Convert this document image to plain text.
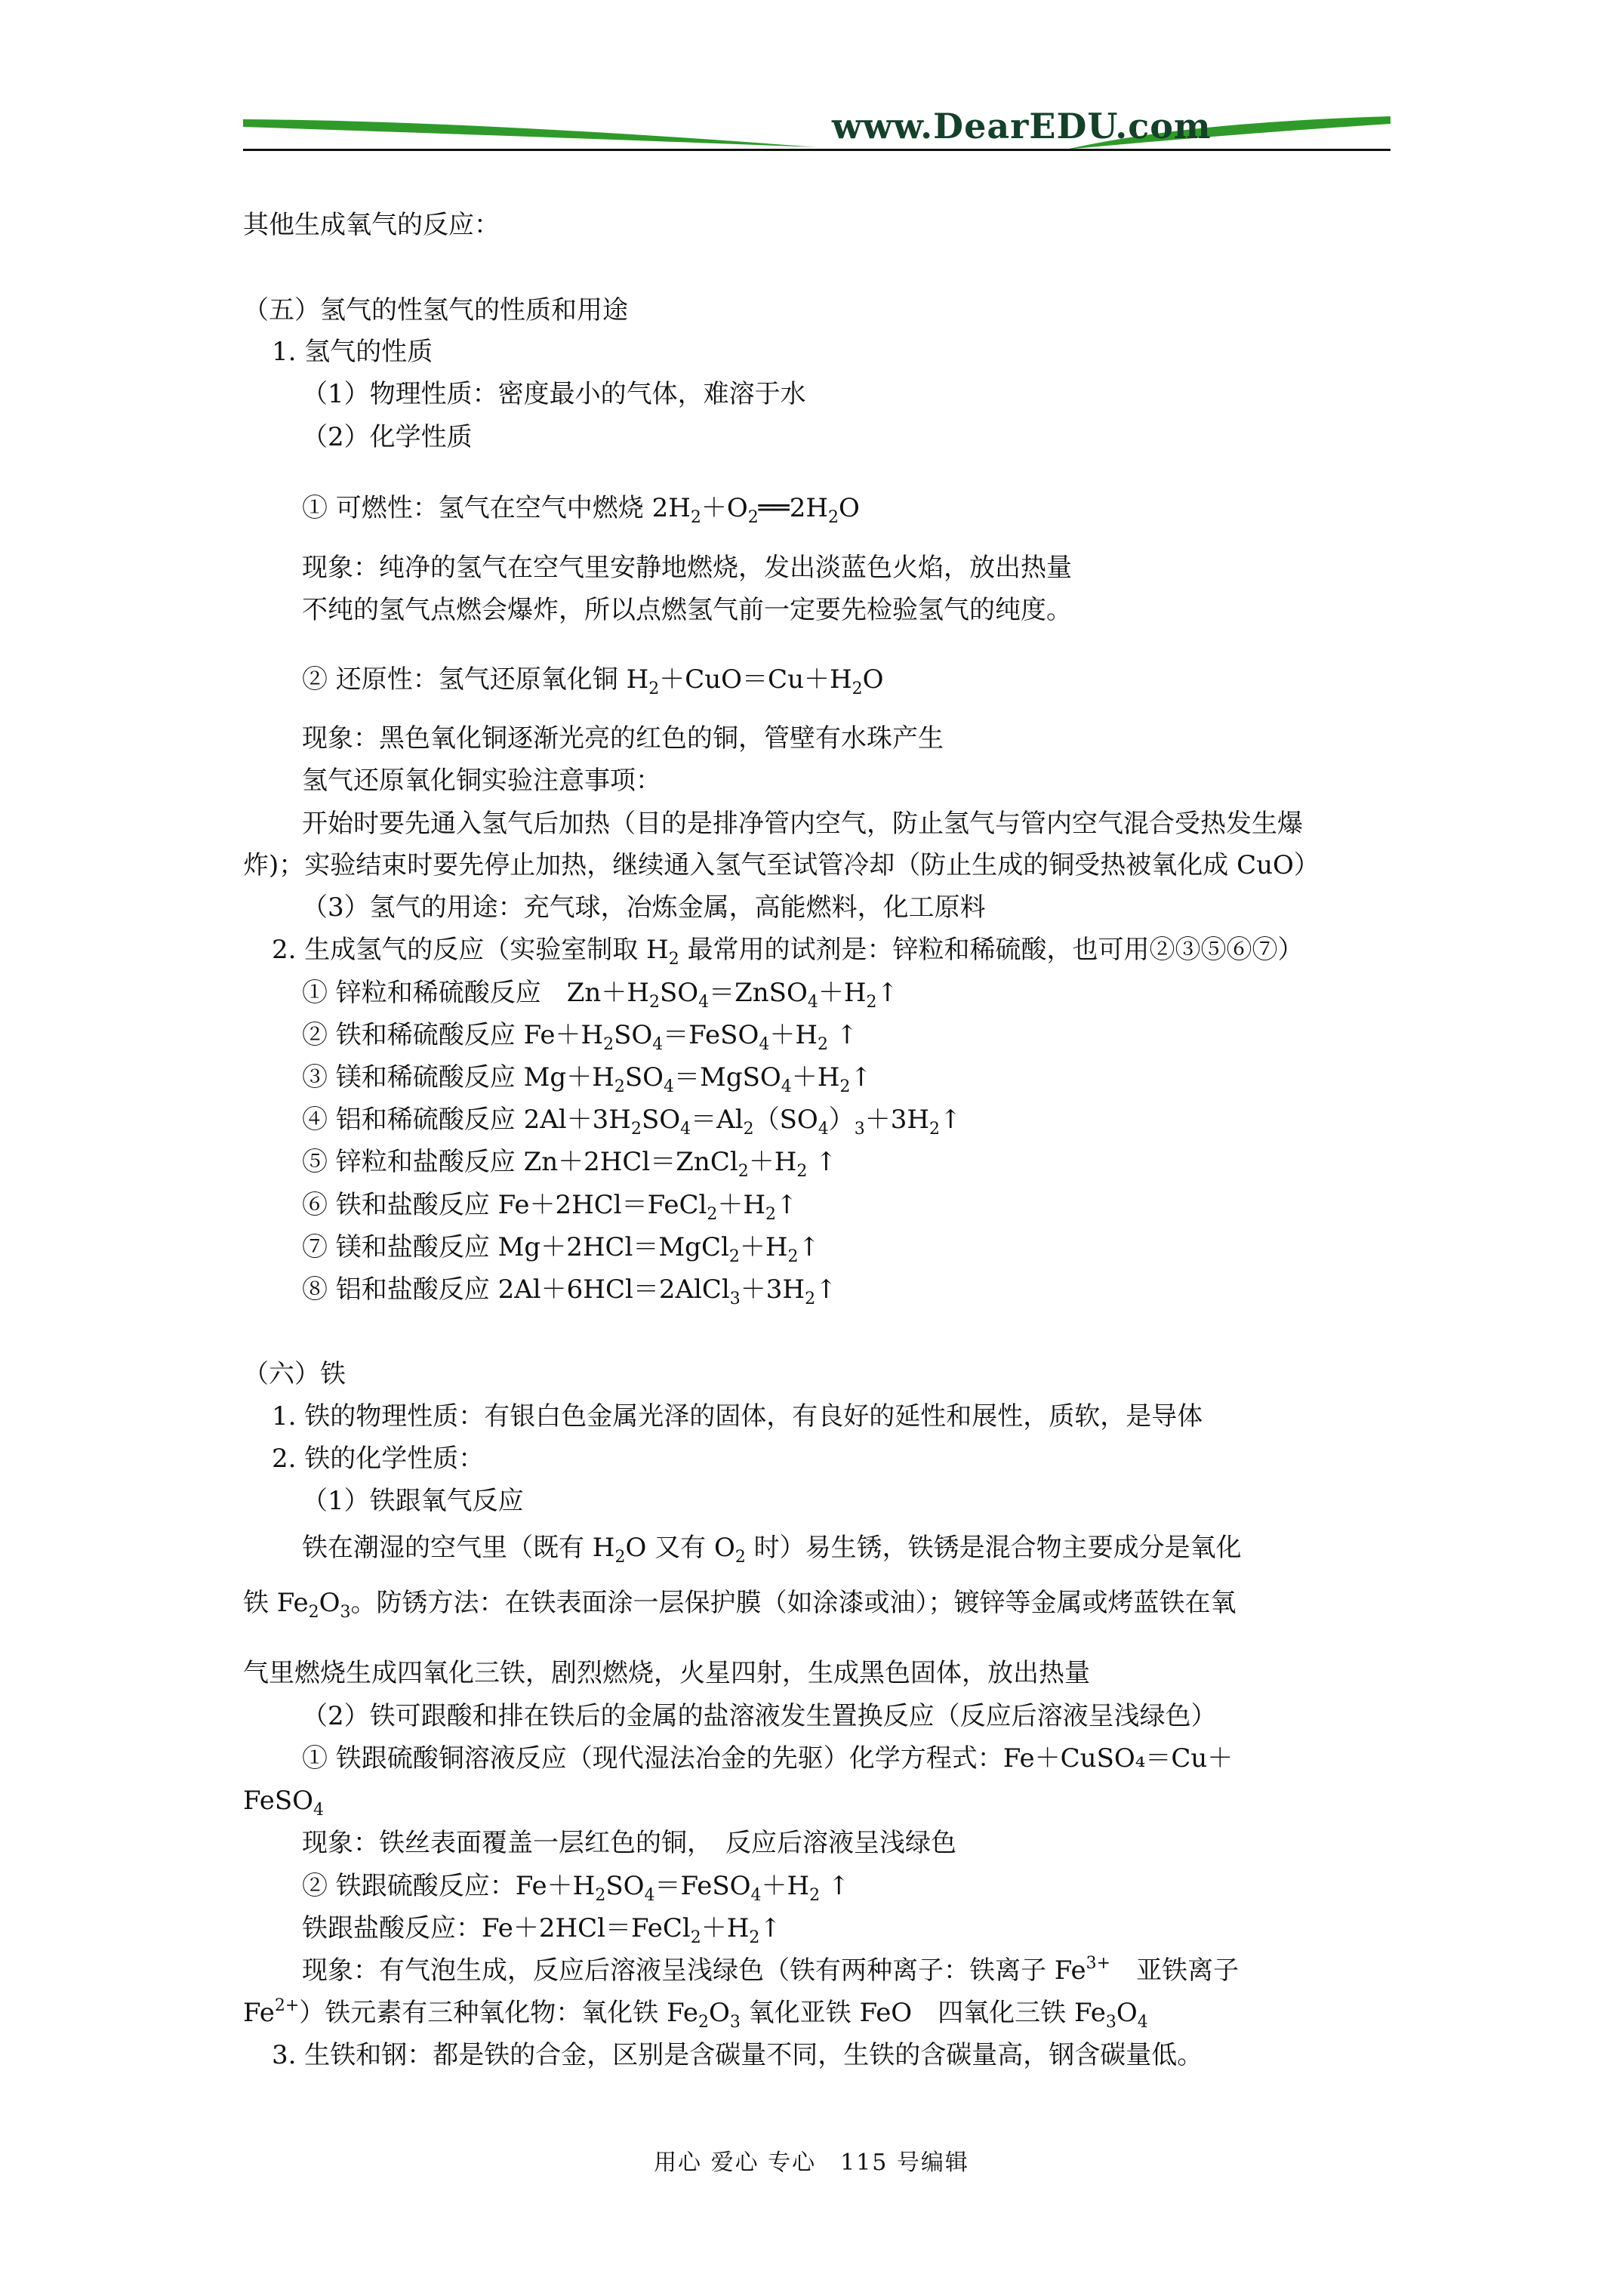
www.DearEDU.com
其他生成氧气的反应：
（五）氢气的性氢气的性质和用途
1. 氢气的性质
（1）物理性质：密度最小的气体，难溶于水
（2）化学性质
① 可燃性：氢气在空气中燃烧 $2H_2+O_2══2H_2O$
现象：纯净的氢气在空气里安静地燃烧，发出淡蓝色火焰，放出热量
不纯的氢气点燃会爆炸，所以点燃氢气前一定要先检验氢气的纯度。
② 还原性：氢气还原氧化铜 $H_2+CuO=Cu+H_2O$
现象：黑色氧化铜逐渐光亮的红色的铜，管壁有水珠产生
氢气还原氧化铜实验注意事项：
开始时要先通入氢气后加热（目的是排净管内空气，防止氢气与管内空气混合受热发生爆
炸)；实验结束时要先停止加热，继续通入氢气至试管冷却（防止生成的铜受热被氧化成 CuO）
（3）氢气的用途：充气球，冶炼金属，高能燃料，化工原料
2. 生成氢气的反应（实验室制取 $H_2$ 最常用的试剂是：锌粒和稀硫酸，也可用②③⑤⑥⑦）
① 锌粒和稀硫酸反应　$Zn+H_2SO_4=ZnSO_4+H_2↑$
② 铁和稀硫酸反应 $Fe+H_2SO_4=FeSO_4+H_2$ ↑
③ 镁和稀硫酸反应 $Mg+H_2SO_4=MgSO_4+H_2↑$
④ 铝和稀硫酸反应 $2Al+3H_2SO_4=Al_2(SO_4)_3+3H_2↑$
⑤ 锌粒和盐酸反应 $Zn+2HCl=ZnCl_2+H_2$ ↑
⑥ 铁和盐酸反应 $Fe+2HCl=FeCl_2+H_2↑$
⑦ 镁和盐酸反应 $Mg+2HCl=MgCl_2+H_2↑$
⑧ 铝和盐酸反应 $2Al+6HCl=2AlCl_3+3H_2↑$
（六）铁
1. 铁的物理性质：有银白色金属光泽的固体，有良好的延性和展性，质软，是导体
2. 铁的化学性质：
（1）铁跟氧气反应
铁在潮湿的空气里（既有 $H_2O$ 又有 $O_2$ 时）易生锈，铁锈是混合物主要成分是氧化
铁 $Fe_2O_3$。防锈方法：在铁表面涂一层保护膜（如涂漆或油）；镀锌等金属或烤蓝铁在氧
气里燃烧生成四氧化三铁，剧烈燃烧，火星四射，生成黑色固体，放出热量
（2）铁可跟酸和排在铁后的金属的盐溶液发生置换反应（反应后溶液呈浅绿色）
① 铁跟硫酸铜溶液反应（现代湿法冶金的先驱）化学方程式：Fe＋CuSO₄＝Cu＋
FeSO$_4$
现象：铁丝表面覆盖一层红色的铜，　反应后溶液呈浅绿色
② 铁跟硫酸反应：$Fe+H_2SO_4=FeSO_4+H_2$ ↑
铁跟盐酸反应：$Fe+2HCl=FeCl_2+H_2↑$
现象：有气泡生成，反应后溶液呈浅绿色（铁有两种离子：铁离子 $Fe^{3+}$　亚铁离子
$Fe^{2+}$）铁元素有三种氧化物：氧化铁 $Fe_2O_3$ 氧化亚铁 FeO　四氧化三铁 $Fe_3O_4$
3. 生铁和钢：都是铁的合金，区别是含碳量不同，生铁的含碳量高，钢含碳量低。
用心 爱心 专心　115 号编辑
